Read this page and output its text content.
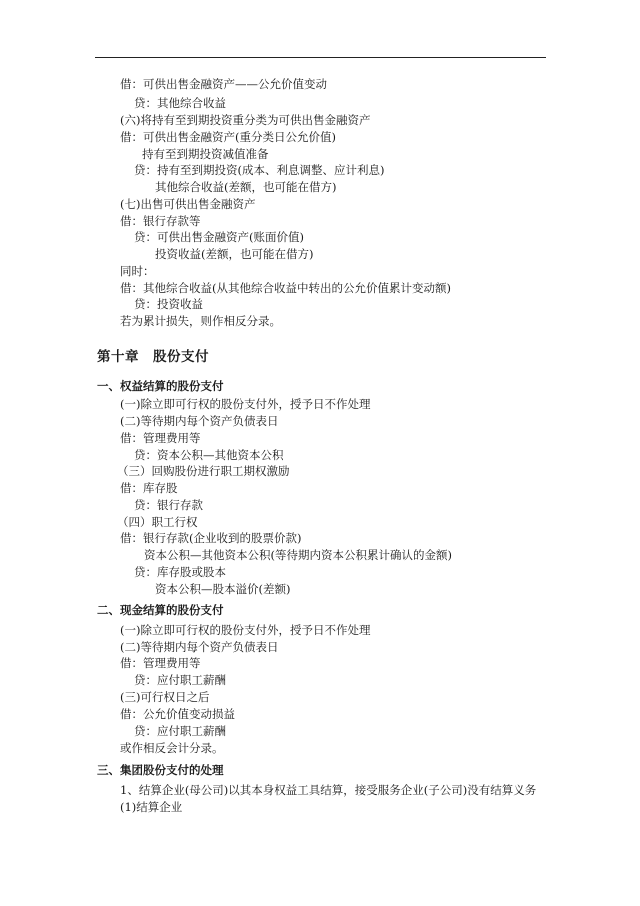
借：可供出售金融资产——公允价值变动
贷：其他综合收益
(六)将持有至到期投资重分类为可供出售金融资产
借：可供出售金融资产(重分类日公允价值)
持有至到期投资减值准备
贷：持有至到期投资(成本、利息调整、应计利息)
其他综合收益(差额，也可能在借方)
(七)出售可供出售金融资产
借：银行存款等
贷：可供出售金融资产(账面价值)
投资收益(差额，也可能在借方)
同时：
借：其他综合收益(从其他综合收益中转出的公允价值累计变动额)
贷：投资收益
若为累计损失，则作相反分录。
第十章　股份支付
一、权益结算的股份支付
(一)除立即可行权的股份支付外，授予日不作处理
(二)等待期内每个资产负债表日
借：管理费用等
贷：资本公积—其他资本公积
（三）回购股份进行职工期权激励
借：库存股
贷：银行存款
（四）职工行权
借：银行存款(企业收到的股票价款)
资本公积—其他资本公积(等待期内资本公积累计确认的金额)
贷：库存股或股本
资本公积—股本溢价(差额)
二、现金结算的股份支付
(一)除立即可行权的股份支付外，授予日不作处理
(二)等待期内每个资产负债表日
借：管理费用等
贷：应付职工薪酬
(三)可行权日之后
借：公允价值变动损益
贷：应付职工薪酬
或作相反会计分录。
三、集团股份支付的处理
1、结算企业(母公司)以其本身权益工具结算，接受服务企业(子公司)没有结算义务
(1)结算企业
